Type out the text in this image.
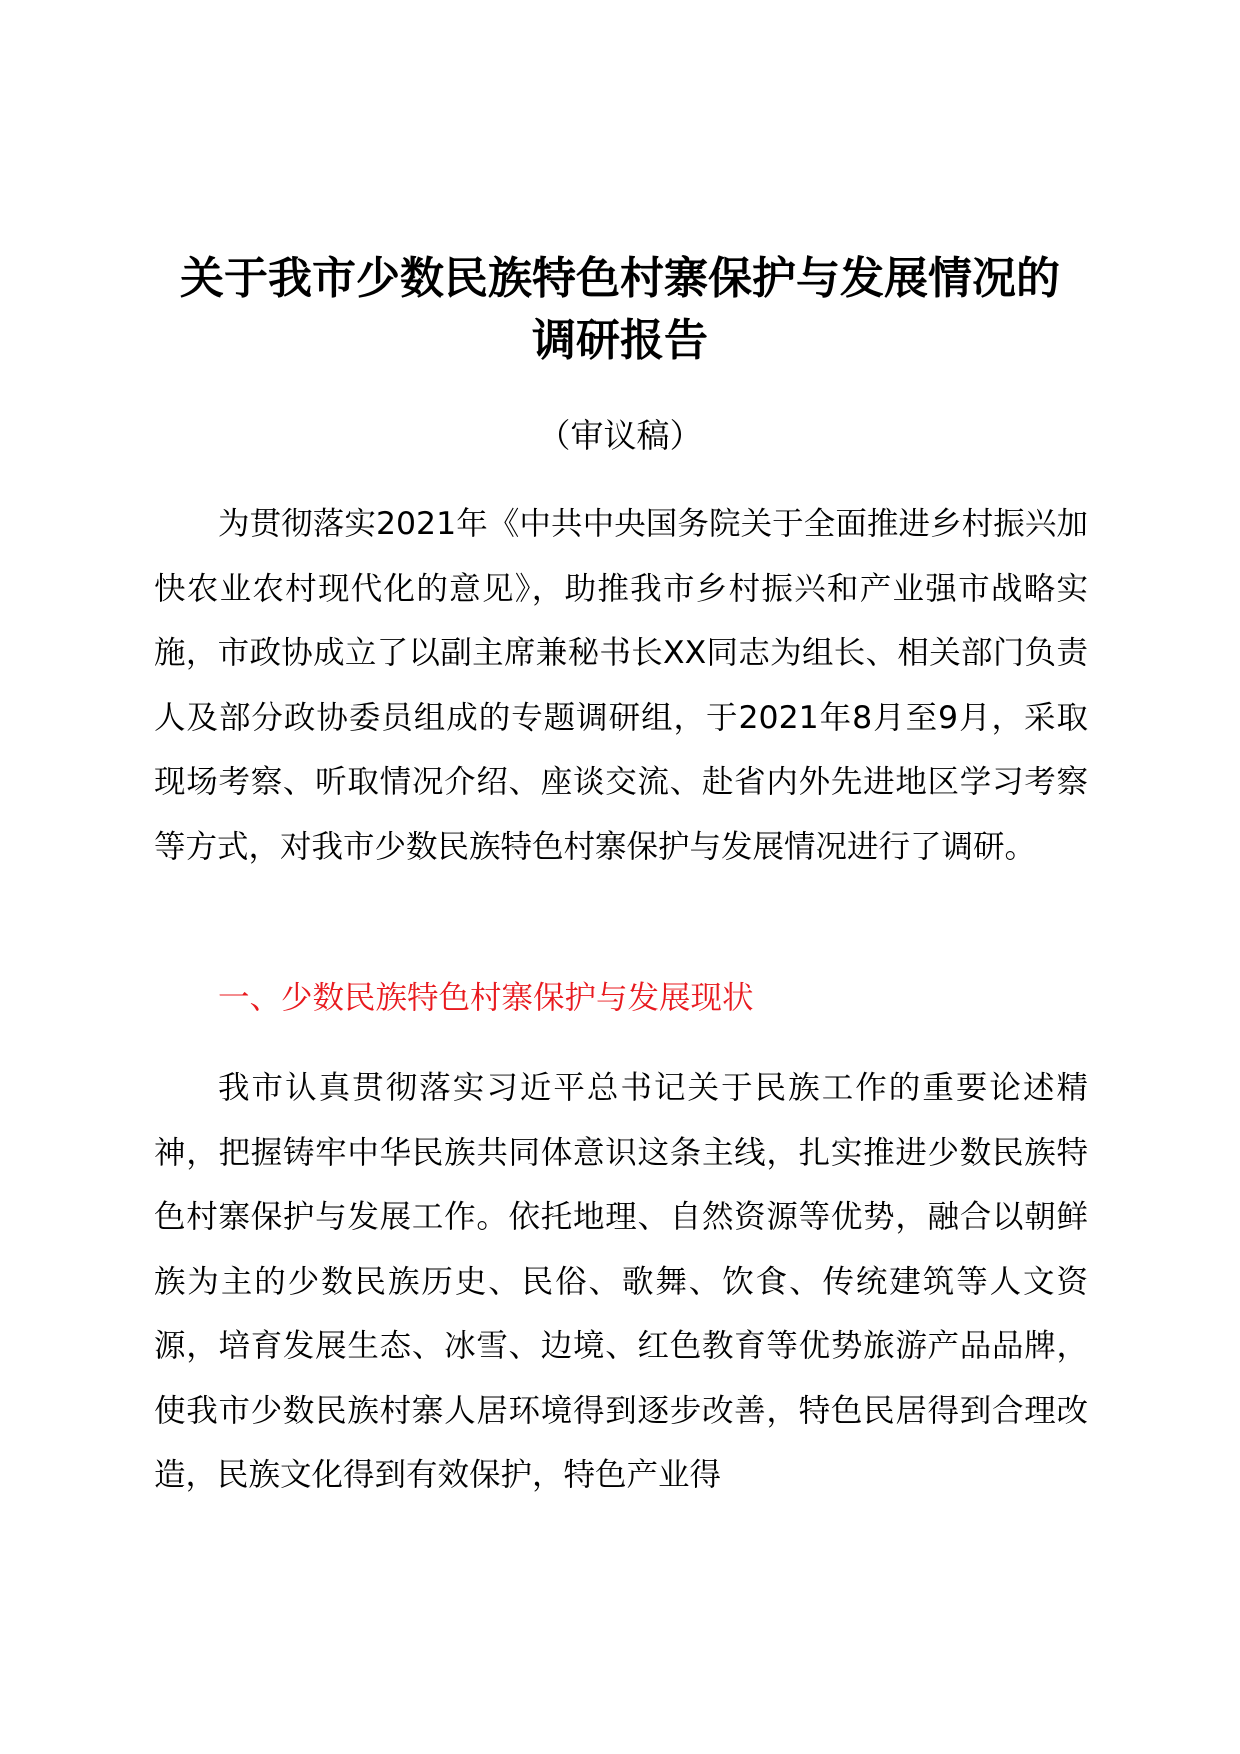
关于我市少数民族特色村寨保护与发展情况的
调研报告

（审议稿）

为贯彻落实2021年《中共中央国务院关于全面推进乡村振兴加快农业农村现代化的意见》，助推我市乡村振兴和产业强市战略实施，市政协成立了以副主席兼秘书长XX同志为组长、相关部门负责人及部分政协委员组成的专题调研组，于2021年8月至9月，采取现场考察、听取情况介绍、座谈交流、赴省内外先进地区学习考察等方式，对我市少数民族特色村寨保护与发展情况进行了调研。

一、少数民族特色村寨保护与发展现状

我市认真贯彻落实习近平总书记关于民族工作的重要论述精神，把握铸牢中华民族共同体意识这条主线，扎实推进少数民族特色村寨保护与发展工作。依托地理、自然资源等优势，融合以朝鲜族为主的少数民族历史、民俗、歌舞、饮食、传统建筑等人文资源，培育发展生态、冰雪、边境、红色教育等优势旅游产品品牌，使我市少数民族村寨人居环境得到逐步改善，特色民居得到合理改造，民族文化得到有效保护，特色产业得
